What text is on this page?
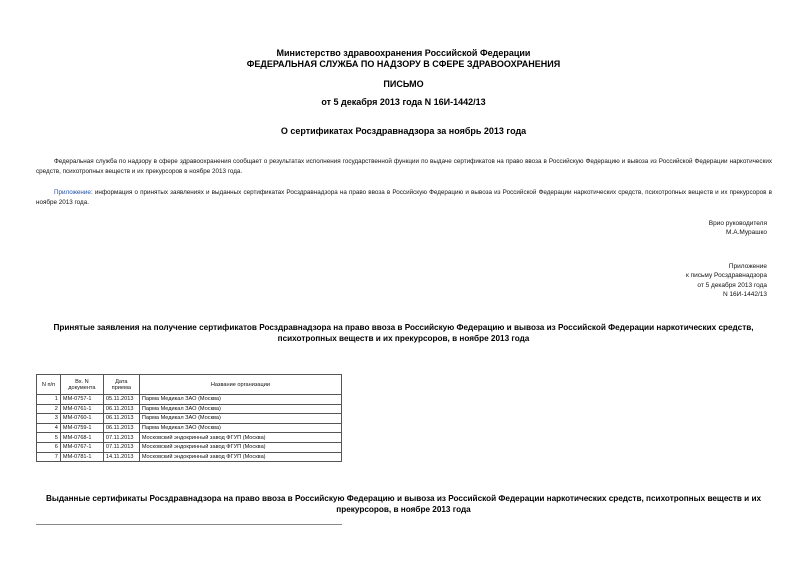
Министерство здравоохранения Российской Федерации
ФЕДЕРАЛЬНАЯ СЛУЖБА ПО НАДЗОРУ В СФЕРЕ ЗДРАВООХРАНЕНИЯ
ПИСЬМО
от 5 декабря 2013 года N 16И-1442/13
О сертификатах Росздравнадзора за ноябрь 2013 года
Федеральная служба по надзору в сфере здравоохранения сообщает о результатах исполнения государственной функции по выдаче сертификатов на право ввоза в Российскую Федерацию и вывоза из Российской Федерации наркотических средств, психотропных веществ и их прекурсоров в ноябре 2013 года.
Приложение: информация о принятых заявлениях и выданных сертификатах Росздравнадзора на право ввоза в Российскую Федерацию и вывоза из Российской Федерации наркотических средств, психотропных веществ и их прекурсоров в ноябре 2013 года.
Врио руководителя
М.А.Мурашко
Приложение
к письму Росздравнадзора
от 5 декабря 2013 года
N 16И-1442/13
Принятые заявления на получение сертификатов Росздравнадзора на право ввоза в Российскую Федерацию и вывоза из Российской Федерации наркотических средств, психотропных веществ и их прекурсоров, в ноябре 2013 года
N п/п	Вх. N документа	Дата приема	Название организации
1	ММ-0757-1	05.11.2013	Парма Медикал ЗАО (Москва)
2	ММ-0761-1	06.11.2013	Парма Медикал ЗАО (Москва)
3	ММ-0760-1	06.11.2013	Парма Медикал ЗАО (Москва)
4	ММ-0759-1	06.11.2013	Парма Медикал ЗАО (Москва)
5	ММ-0768-1	07.11.2013	Московский эндокринный завод ФГУП (Москва)
6	ММ-0767-1	07.11.2013	Московский эндокринный завод ФГУП (Москва)
7	ММ-0781-1	14.11.2013	Московский эндокринный завод ФГУП (Москва)
Выданные сертификаты Росздравнадзора на право ввоза в Российскую Федерацию и вывоза из Российской Федерации наркотических средств, психотропных веществ и их прекурсоров, в ноябре 2013 года
